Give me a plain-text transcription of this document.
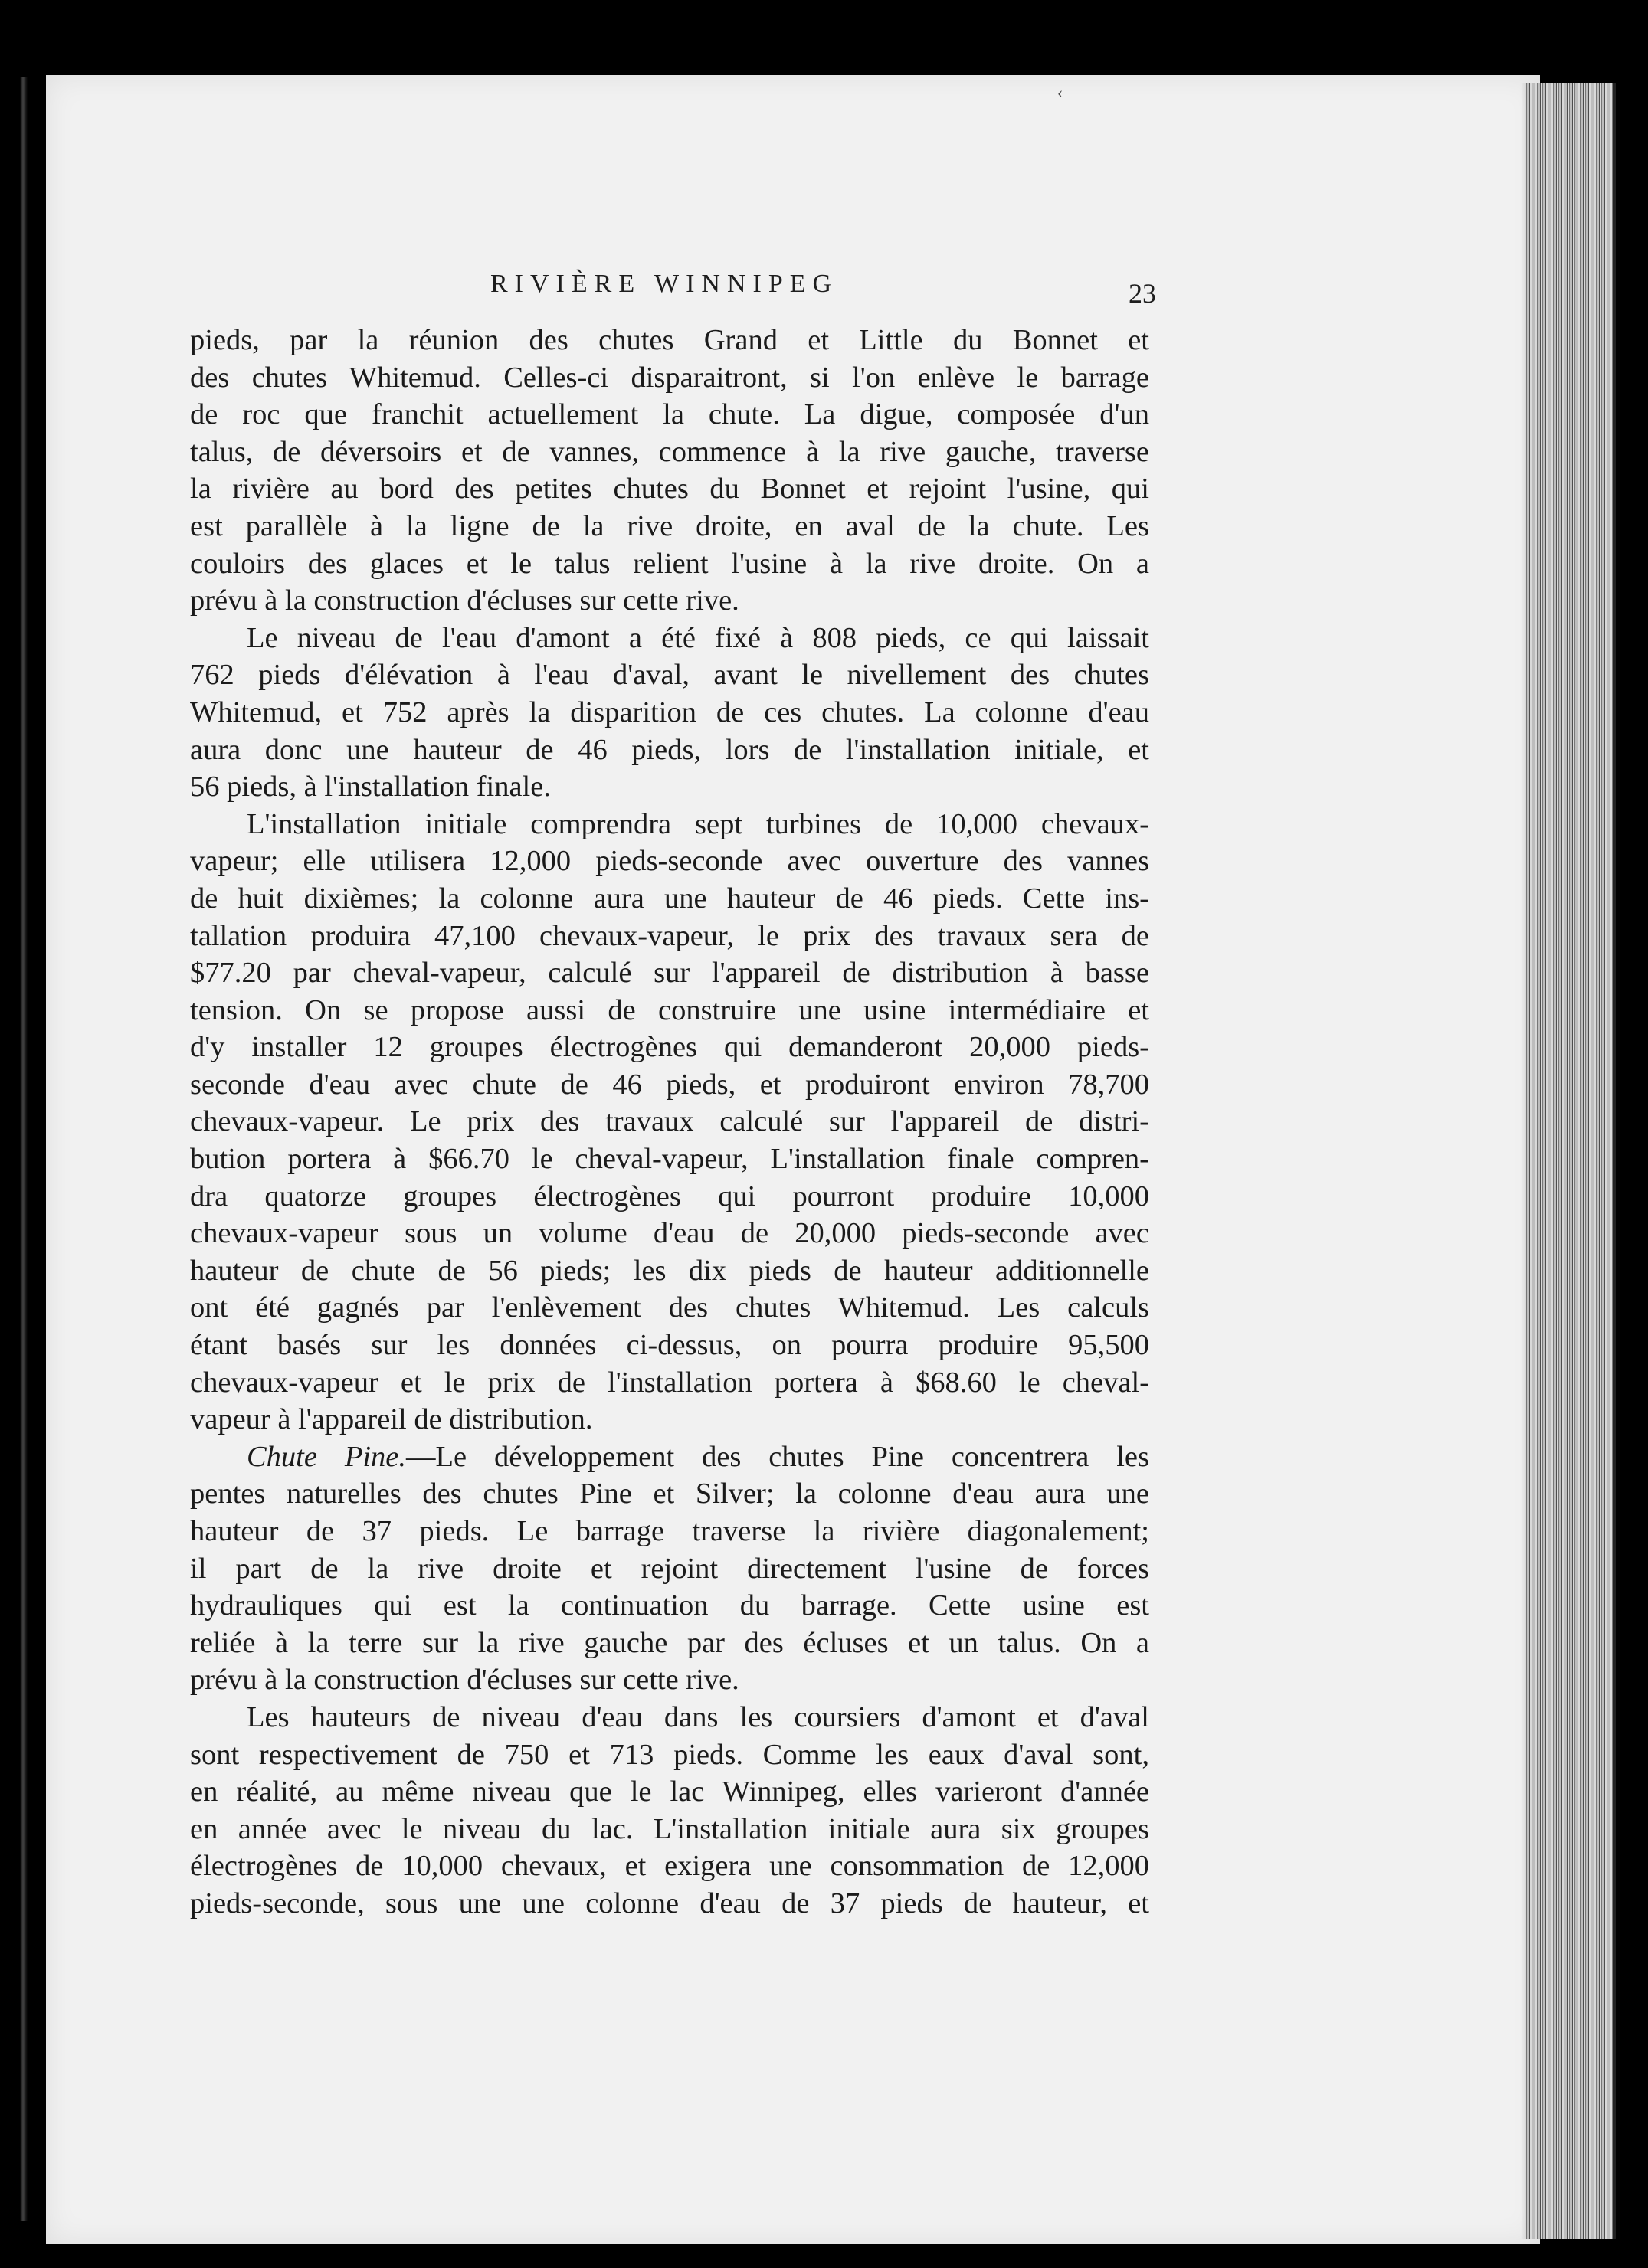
‹
RIVIÈRE WINNIPEG	23
pieds, par la réunion des chutes Grand et Little du Bonnet et
des chutes Whitemud. Celles-ci disparaitront, si l'on enlève le barrage
de roc que franchit actuellement la chute. La digue, composée d'un
talus, de déversoirs et de vannes, commence à la rive gauche, traverse
la rivière au bord des petites chutes du Bonnet et rejoint l'usine, qui
est parallèle à la ligne de la rive droite, en aval de la chute. Les
couloirs des glaces et le talus relient l'usine à la rive droite. On a
prévu à la construction d'écluses sur cette rive.
Le niveau de l'eau d'amont a été fixé à 808 pieds, ce qui laissait
762 pieds d'élévation à l'eau d'aval, avant le nivellement des chutes
Whitemud, et 752 après la disparition de ces chutes. La colonne d'eau
aura donc une hauteur de 46 pieds, lors de l'installation initiale, et
56 pieds, à l'installation finale.
L'installation initiale comprendra sept turbines de 10,000 chevaux-
vapeur; elle utilisera 12,000 pieds-seconde avec ouverture des vannes
de huit dixièmes; la colonne aura une hauteur de 46 pieds. Cette ins-
tallation produira 47,100 chevaux-vapeur, le prix des travaux sera de
$77.20 par cheval-vapeur, calculé sur l'appareil de distribution à basse
tension. On se propose aussi de construire une usine intermédiaire et
d'y installer 12 groupes électrogènes qui demanderont 20,000 pieds-
seconde d'eau avec chute de 46 pieds, et produiront environ 78,700
chevaux-vapeur. Le prix des travaux calculé sur l'appareil de distri-
bution portera à $66.70 le cheval-vapeur, L'installation finale compren-
dra quatorze groupes électrogènes qui pourront produire 10,000
chevaux-vapeur sous un volume d'eau de 20,000 pieds-seconde avec
hauteur de chute de 56 pieds; les dix pieds de hauteur additionnelle
ont été gagnés par l'enlèvement des chutes Whitemud. Les calculs
étant basés sur les données ci-dessus, on pourra produire 95,500
chevaux-vapeur et le prix de l'installation portera à $68.60 le cheval-
vapeur à l'appareil de distribution.
Chute Pine.—Le développement des chutes Pine concentrera les
pentes naturelles des chutes Pine et Silver; la colonne d'eau aura une
hauteur de 37 pieds. Le barrage traverse la rivière diagonalement;
il part de la rive droite et rejoint directement l'usine de forces
hydrauliques qui est la continuation du barrage. Cette usine est
reliée à la terre sur la rive gauche par des écluses et un talus. On a
prévu à la construction d'écluses sur cette rive.
Les hauteurs de niveau d'eau dans les coursiers d'amont et d'aval
sont respectivement de 750 et 713 pieds. Comme les eaux d'aval sont,
en réalité, au même niveau que le lac Winnipeg, elles varieront d'année
en année avec le niveau du lac. L'installation initiale aura six groupes
électrogènes de 10,000 chevaux, et exigera une consommation de 12,000
pieds-seconde, sous une une colonne d'eau de 37 pieds de hauteur, et
